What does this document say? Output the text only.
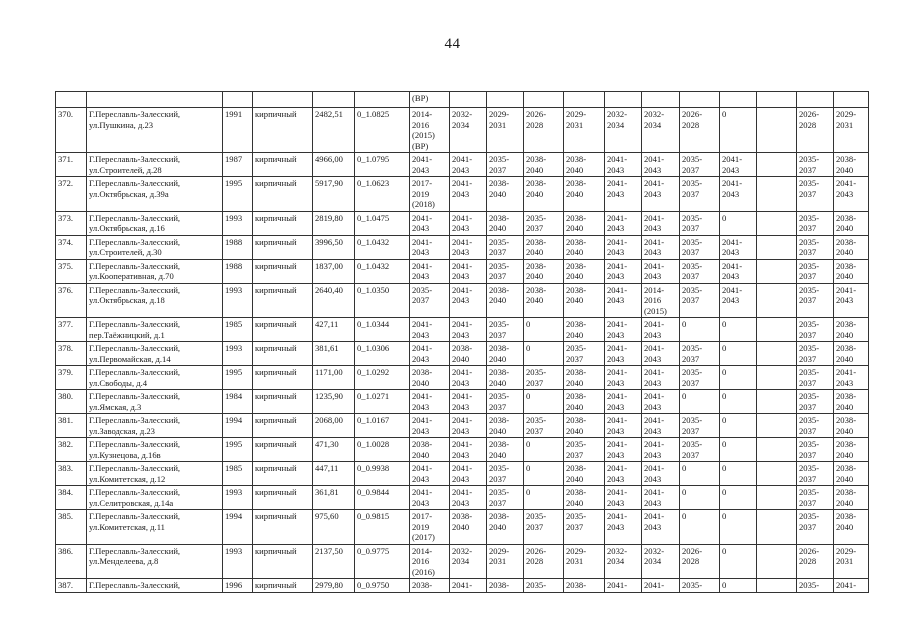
44
						(ВР)											
370.	Г.Переславль-Залесский,
ул.Пушкина, д.23	1991	кирпичный	2482,51	0_1.0825	2014-
2016
(2015)
(ВР)	2032-
2034	2029-
2031	2026-
2028	2029-
2031	2032-
2034	2032-
2034	2026-
2028	0		2026-
2028	2029-
2031
371.	Г.Переславль-Залесский,
ул.Строителей, д.28	1987	кирпичный	4966,00	0_1.0795	2041-
2043	2041-
2043	2035-
2037	2038-
2040	2038-
2040	2041-
2043	2041-
2043	2035-
2037	2041-
2043		2035-
2037	2038-
2040
372.	Г.Переславль-Залесский,
ул.Октябрьская, д.39а	1995	кирпичный	5917,90	0_1.0623	2017-
2019
(2018)	2041-
2043	2038-
2040	2038-
2040	2038-
2040	2041-
2043	2041-
2043	2035-
2037	2041-
2043		2035-
2037	2041-
2043
373.	Г.Переславль-Залесский,
ул.Октябрьская, д.16	1993	кирпичный	2819,80	0_1.0475	2041-
2043	2041-
2043	2038-
2040	2035-
2037	2038-
2040	2041-
2043	2041-
2043	2035-
2037	0		2035-
2037	2038-
2040
374.	Г.Переславль-Залесский,
ул.Строителей, д.30	1988	кирпичный	3996,50	0_1.0432	2041-
2043	2041-
2043	2035-
2037	2038-
2040	2038-
2040	2041-
2043	2041-
2043	2035-
2037	2041-
2043		2035-
2037	2038-
2040
375.	Г.Переславль-Залесский,
ул.Кооперативная, д.70	1988	кирпичный	1837,00	0_1.0432	2041-
2043	2041-
2043	2035-
2037	2038-
2040	2038-
2040	2041-
2043	2041-
2043	2035-
2037	2041-
2043		2035-
2037	2038-
2040
376.	Г.Переславль-Залесский,
ул.Октябрьская, д.18	1993	кирпичный	2640,40	0_1.0350	2035-
2037	2041-
2043	2038-
2040	2038-
2040	2038-
2040	2041-
2043	2014-
2016
(2015)	2035-
2037	2041-
2043		2035-
2037	2041-
2043
377.	Г.Переславль-Залесский,
пер.Таёжницкий, д.1	1985	кирпичный	427,11	0_1.0344	2041-
2043	2041-
2043	2035-
2037	0	2038-
2040	2041-
2043	2041-
2043	0	0		2035-
2037	2038-
2040
378.	Г.Переславль-Залесский,
ул.Первомайская, д.14	1993	кирпичный	381,61	0_1.0306	2041-
2043	2038-
2040	2038-
2040	0	2035-
2037	2041-
2043	2041-
2043	2035-
2037	0		2035-
2037	2038-
2040
379.	Г.Переславль-Залесский,
ул.Свободы, д.4	1995	кирпичный	1171,00	0_1.0292	2038-
2040	2041-
2043	2038-
2040	2035-
2037	2038-
2040	2041-
2043	2041-
2043	2035-
2037	0		2035-
2037	2041-
2043
380.	Г.Переславль-Залесский,
ул.Ямская, д.3	1984	кирпичный	1235,90	0_1.0271	2041-
2043	2041-
2043	2035-
2037	0	2038-
2040	2041-
2043	2041-
2043	0	0		2035-
2037	2038-
2040
381.	Г.Переславль-Залесский,
ул.Заводская, д.23	1994	кирпичный	2068,00	0_1.0167	2041-
2043	2041-
2043	2038-
2040	2035-
2037	2038-
2040	2041-
2043	2041-
2043	2035-
2037	0		2035-
2037	2038-
2040
382.	Г.Переславль-Залесский,
ул.Кузнецова, д.16в	1995	кирпичный	471,30	0_1.0028	2038-
2040	2041-
2043	2038-
2040	0	2035-
2037	2041-
2043	2041-
2043	2035-
2037	0		2035-
2037	2038-
2040
383.	Г.Переславль-Залесский,
ул.Комитетская, д.12	1985	кирпичный	447,11	0_0.9938	2041-
2043	2041-
2043	2035-
2037	0	2038-
2040	2041-
2043	2041-
2043	0	0		2035-
2037	2038-
2040
384.	Г.Переславль-Залесский,
ул.Селитровская, д.14а	1993	кирпичный	361,81	0_0.9844	2041-
2043	2041-
2043	2035-
2037	0	2038-
2040	2041-
2043	2041-
2043	0	0		2035-
2037	2038-
2040
385.	Г.Переславль-Залесский,
ул.Комитетская, д.11	1994	кирпичный	975,60	0_0.9815	2017-
2019
(2017)	2038-
2040	2038-
2040	2035-
2037	2035-
2037	2041-
2043	2041-
2043	0	0		2035-
2037	2038-
2040
386.	Г.Переславль-Залесский,
ул.Менделеева, д.8	1993	кирпичный	2137,50	0_0.9775	2014-
2016
(2016)	2032-
2034	2029-
2031	2026-
2028	2029-
2031	2032-
2034	2032-
2034	2026-
2028	0		2026-
2028	2029-
2031
387.	Г.Переславль-Залесский,	1996	кирпичный	2979,80	0_0.9750	2038-	2041-	2038-	2035-	2038-	2041-	2041-	2035-	0		2035-	2041-
